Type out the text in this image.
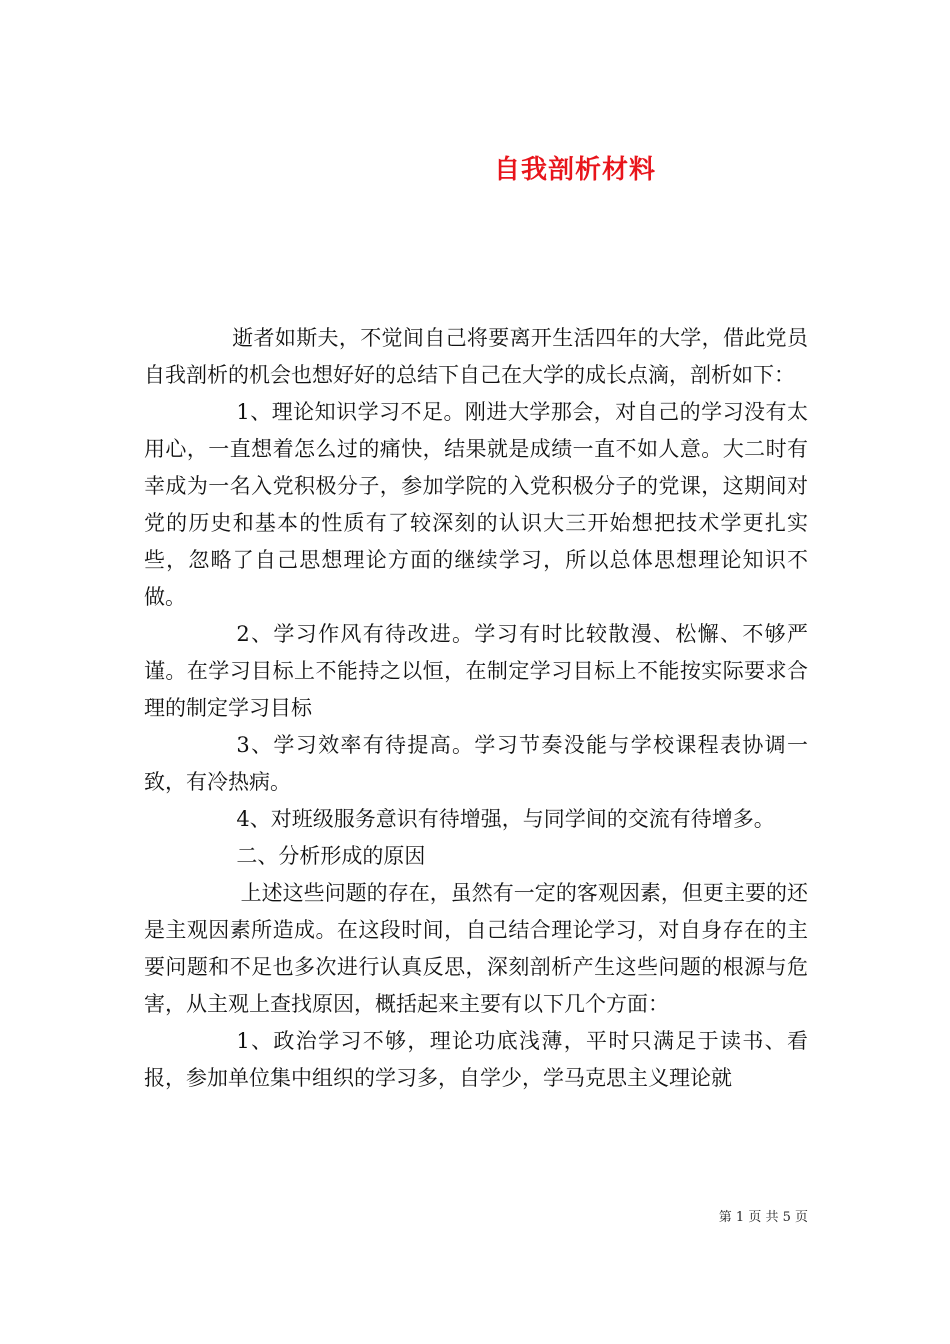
自我剖析材料

逝者如斯夫，不觉间自己将要离开生活四年的大学，借此党员自我剖析的机会也想好好的总结下自己在大学的成长点滴，剖析如下：

1、理论知识学习不足。刚进大学那会，对自己的学习没有太用心，一直想着怎么过的痛快，结果就是成绩一直不如人意。大二时有幸成为一名入党积极分子，参加学院的入党积极分子的党课，这期间对党的历史和基本的性质有了较深刻的认识大三开始想把技术学更扎实些，忽略了自己思想理论方面的继续学习，所以总体思想理论知识不做。

2、学习作风有待改进。学习有时比较散漫、松懈、不够严谨。在学习目标上不能持之以恒，在制定学习目标上不能按实际要求合理的制定学习目标

3、学习效率有待提高。学习节奏没能与学校课程表协调一致，有冷热病。

4、对班级服务意识有待增强，与同学间的交流有待增多。

二、分析形成的原因

上述这些问题的存在，虽然有一定的客观因素，但更主要的还是主观因素所造成。在这段时间，自己结合理论学习，对自身存在的主要问题和不足也多次进行认真反思，深刻剖析产生这些问题的根源与危害，从主观上查找原因，概括起来主要有以下几个方面：

1、政治学习不够，理论功底浅薄，平时只满足于读书、看报，参加单位集中组织的学习多，自学少，学马克思主义理论就

第 1 页 共 5 页
